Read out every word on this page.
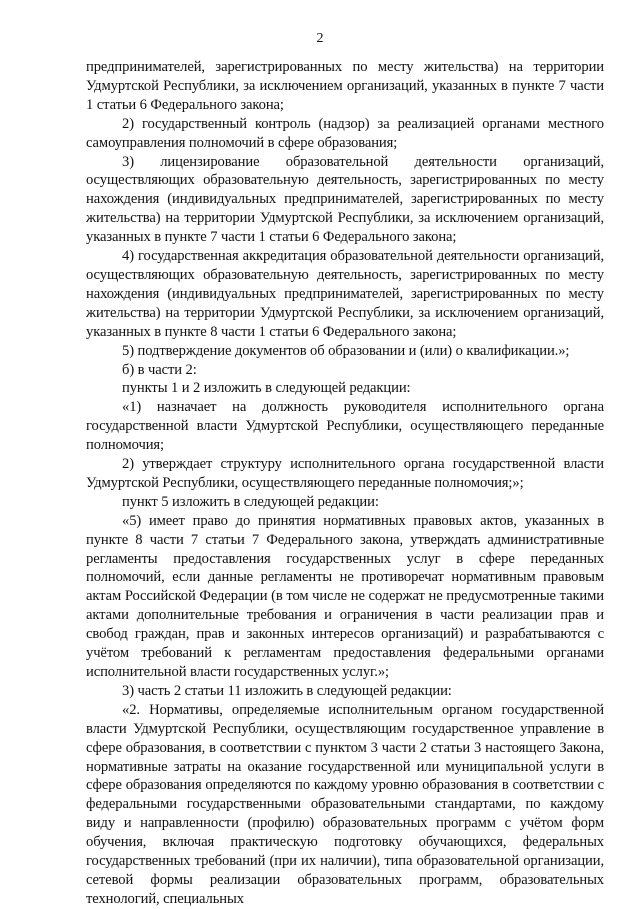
2

предпринимателей, зарегистрированных по месту жительства) на территории Удмуртской Республики, за исключением организаций, указанных в пункте 7 части 1 статьи 6 Федерального закона;

2) государственный контроль (надзор) за реализацией органами местного самоуправления полномочий в сфере образования;

3) лицензирование образовательной деятельности организаций, осуществляющих образовательную деятельность, зарегистрированных по месту нахождения (индивидуальных предпринимателей, зарегистрированных по месту жительства) на территории Удмуртской Республики, за исключением организаций, указанных в пункте 7 части 1 статьи 6 Федерального закона;

4) государственная аккредитация образовательной деятельности организаций, осуществляющих образовательную деятельность, зарегистрированных по месту нахождения (индивидуальных предпринимателей, зарегистрированных по месту жительства) на территории Удмуртской Республики, за исключением организаций, указанных в пункте 8 части 1 статьи 6 Федерального закона;

5) подтверждение документов об образовании и (или) о квалификации.»;

б) в части 2:

пункты 1 и 2 изложить в следующей редакции:

«1) назначает на должность руководителя исполнительного органа государственной власти Удмуртской Республики, осуществляющего переданные полномочия;

2) утверждает структуру исполнительного органа государственной власти Удмуртской Республики, осуществляющего переданные полномочия;»;

пункт 5 изложить в следующей редакции:

«5) имеет право до принятия нормативных правовых актов, указанных в пункте 8 части 7 статьи 7 Федерального закона, утверждать административные регламенты предоставления государственных услуг в сфере переданных полномочий, если данные регламенты не противоречат нормативным правовым актам Российской Федерации (в том числе не содержат не предусмотренные такими актами дополнительные требования и ограничения в части реализации прав и свобод граждан, прав и законных интересов организаций) и разрабатываются с учётом требований к регламентам предоставления федеральными органами исполнительной власти государственных услуг.»;

3) часть 2 статьи 11 изложить в следующей редакции:

«2. Нормативы, определяемые исполнительным органом государственной власти Удмуртской Республики, осуществляющим государственное управление в сфере образования, в соответствии с пунктом 3 части 2 статьи 3 настоящего Закона, нормативные затраты на оказание государственной или муниципальной услуги в сфере образования определяются по каждому уровню образования в соответствии с федеральными государственными образовательными стандартами, по каждому виду и направленности (профилю) образовательных программ с учётом форм обучения, включая практическую подготовку обучающихся, федеральных государственных требований (при их наличии), типа образовательной организации, сетевой формы реализации образовательных программ, образовательных технологий, специальных
